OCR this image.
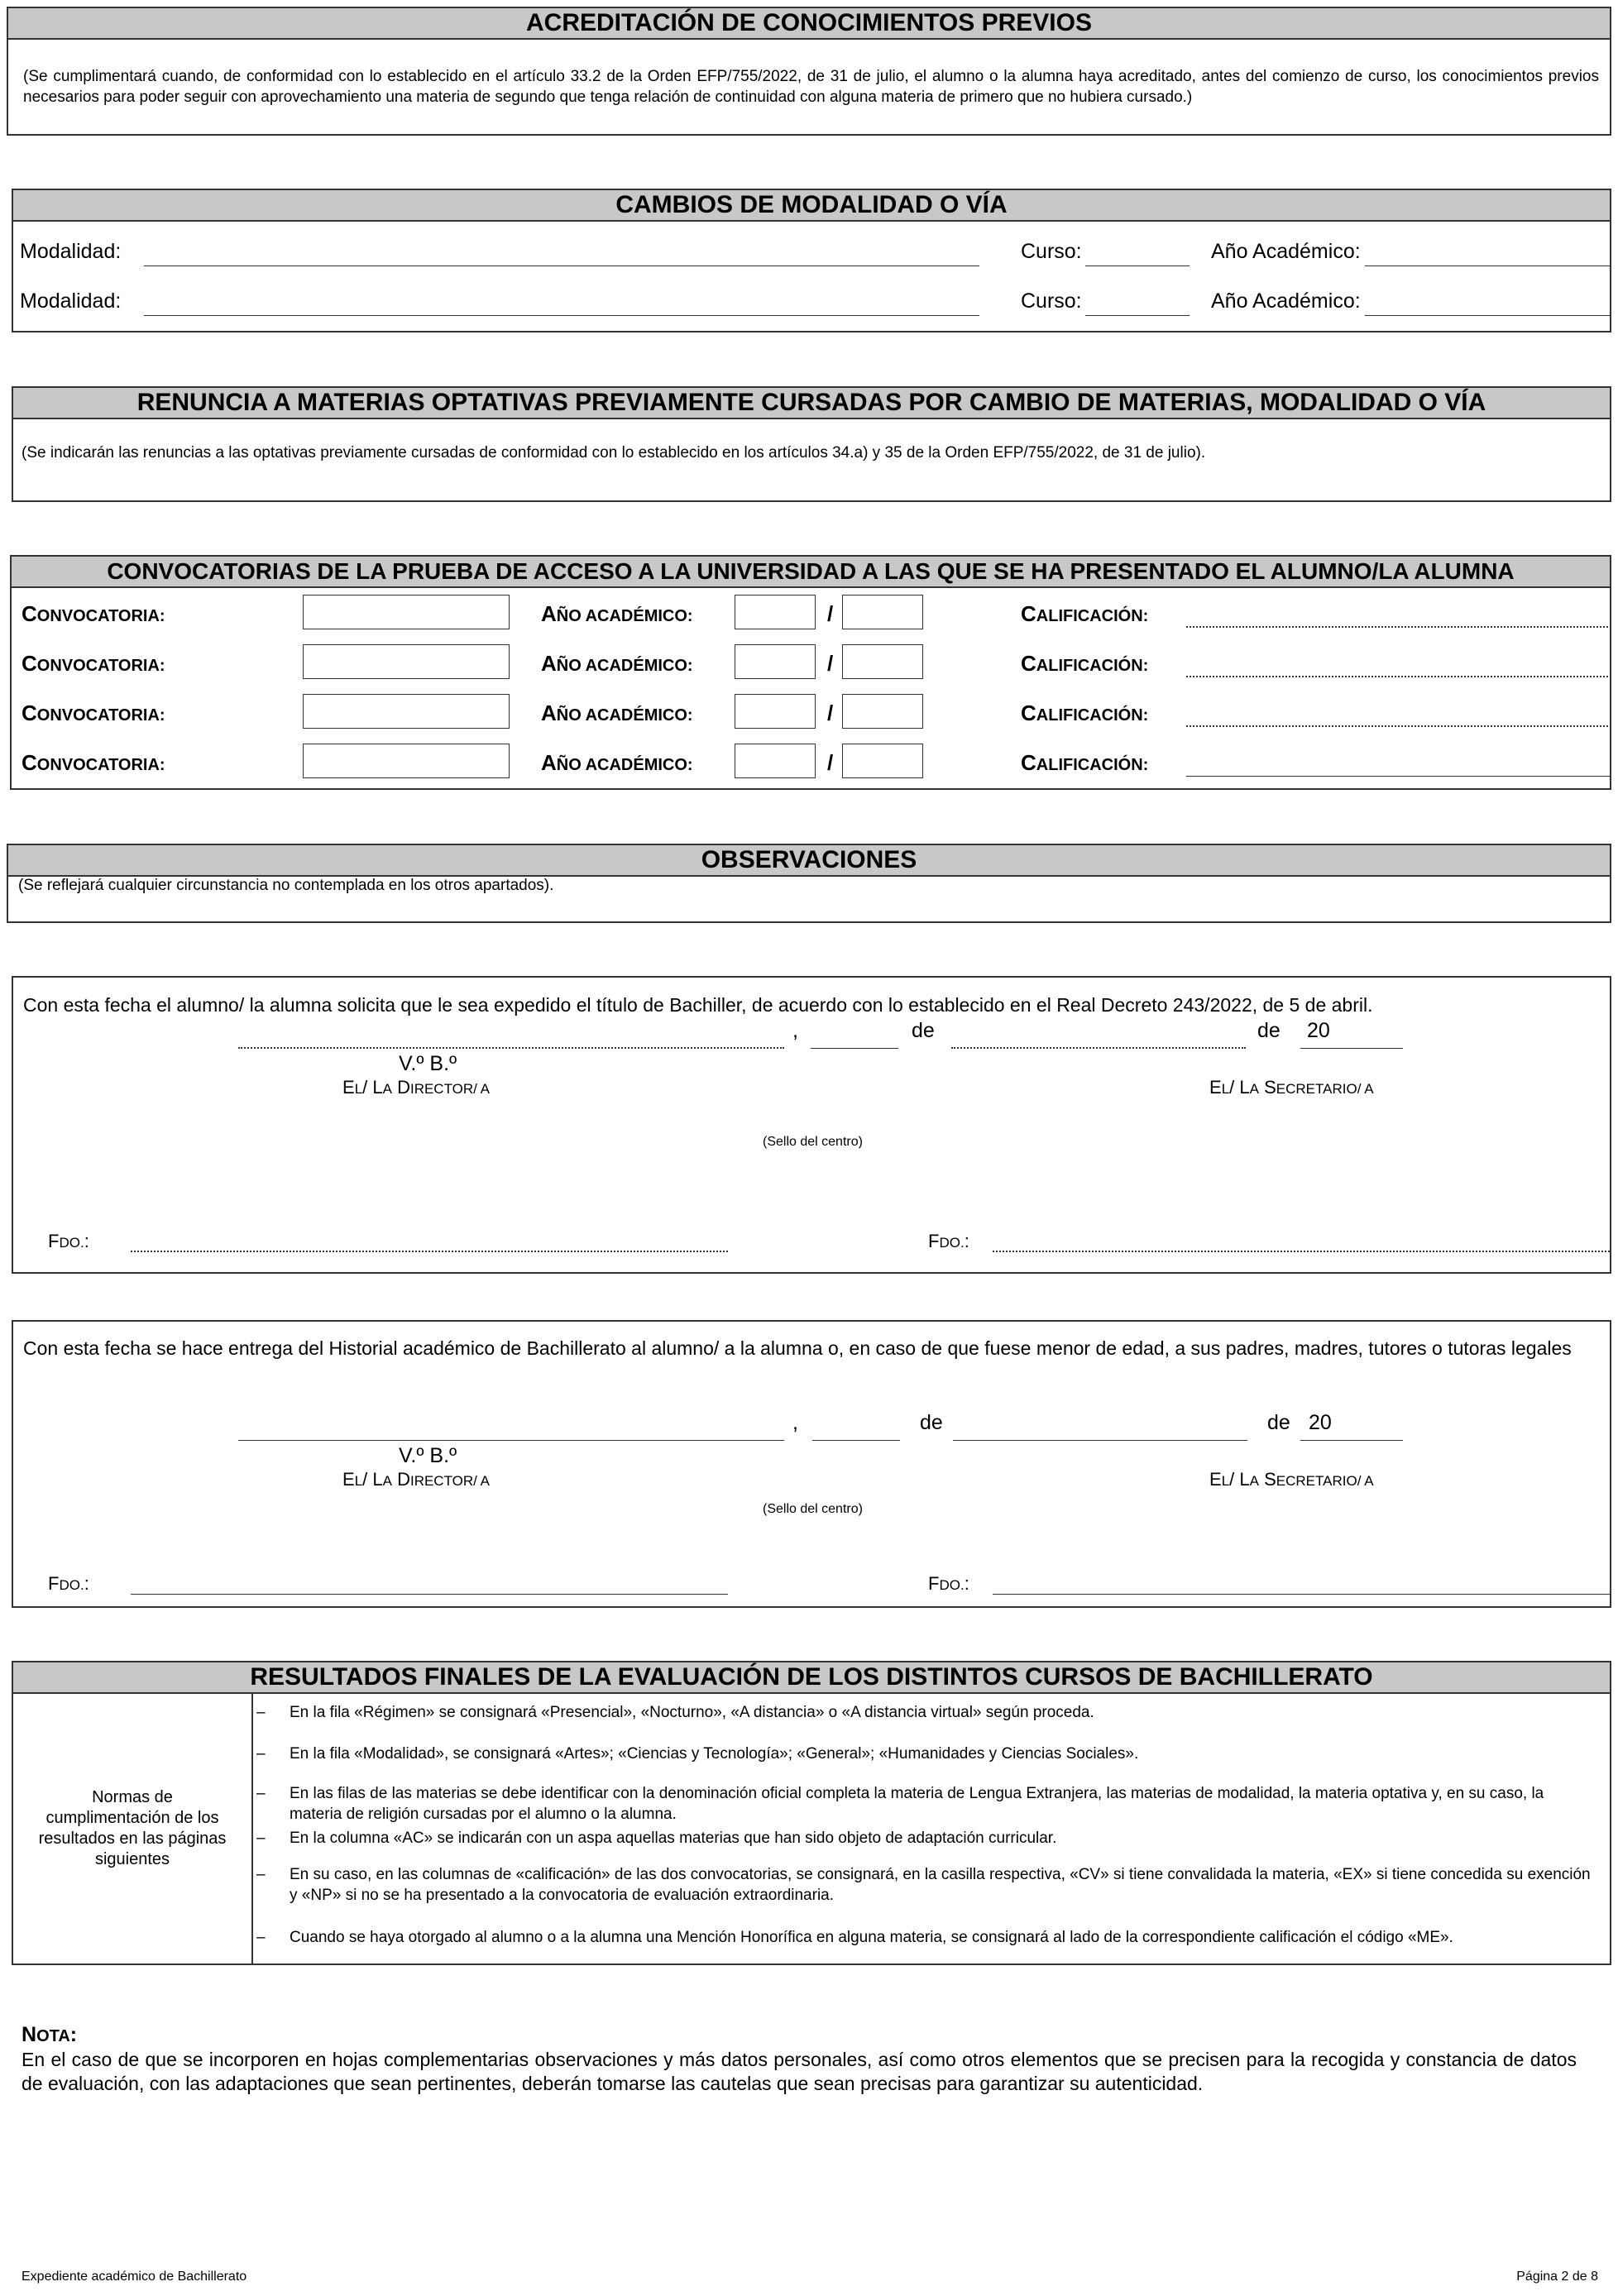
ACREDITACIÓN DE CONOCIMIENTOS PREVIOS
(Se cumplimentará cuando, de conformidad con lo establecido en el artículo 33.2 de la Orden EFP/755/2022, de 31 de julio, el alumno o la alumna haya acreditado, antes del comienzo de curso, los conocimientos previos necesarios para poder seguir con aprovechamiento una materia de segundo que tenga relación de continuidad con alguna materia de primero que no hubiera cursado.)
CAMBIOS DE MODALIDAD O VÍA
Modalidad:	Curso:	Año Académico:
Modalidad:	Curso:	Año Académico:
RENUNCIA A MATERIAS OPTATIVAS PREVIAMENTE CURSADAS POR CAMBIO DE MATERIAS, MODALIDAD O VÍA
(Se indicarán las renuncias a las optativas previamente cursadas de conformidad con lo establecido en los artículos 34.a) y 35 de la Orden EFP/755/2022, de 31 de julio).
CONVOCATORIAS DE LA PRUEBA DE ACCESO A LA UNIVERSIDAD A LAS QUE SE HA PRESENTADO EL ALUMNO/LA ALUMNA
CONVOCATORIA:	AÑO ACADÉMICO:	/	CALIFICACIÓN:
CONVOCATORIA:	AÑO ACADÉMICO:	/	CALIFICACIÓN:
CONVOCATORIA:	AÑO ACADÉMICO:	/	CALIFICACIÓN:
CONVOCATORIA:	AÑO ACADÉMICO:	/	CALIFICACIÓN:
OBSERVACIONES
(Se reflejará cualquier circunstancia no contemplada en los otros apartados).
Con esta fecha el alumno/ la alumna solicita que le sea expedido el título de Bachiller, de acuerdo con lo establecido en el Real Decreto 243/2022, de 5 de abril.
,	de	de 20
V.º B.º
EL/ LA DIRECTOR/ A
(Sello del centro)
EL/ LA SECRETARIO/ A
FDO.:	FDO.:
Con esta fecha se hace entrega del Historial académico de Bachillerato al alumno/ a la alumna o, en caso de que fuese menor de edad, a sus padres, madres, tutores o tutoras legales
,	de	de 20
V.º B.º
EL/ LA DIRECTOR/ A
(Sello del centro)
EL/ LA SECRETARIO/ A
FDO.:	FDO.:
RESULTADOS FINALES DE LA EVALUACIÓN DE LOS DISTINTOS CURSOS DE BACHILLERATO
Normas de cumplimentación de los resultados en las páginas siguientes
– En la fila «Régimen» se consignará «Presencial», «Nocturno», «A distancia» o «A distancia virtual» según proceda.
– En la fila «Modalidad», se consignará «Artes»; «Ciencias y Tecnología»; «General»; «Humanidades y Ciencias Sociales».
– En las filas de las materias se debe identificar con la denominación oficial completa la materia de Lengua Extranjera, las materias de modalidad, la materia optativa y, en su caso, la materia de religión cursadas por el alumno o la alumna.
– En la columna «AC» se indicarán con un aspa aquellas materias que han sido objeto de adaptación curricular.
– En su caso, en las columnas de «calificación» de las dos convocatorias, se consignará, en la casilla respectiva, «CV» si tiene convalidada la materia, «EX» si tiene concedida su exención y «NP» si no se ha presentado a la convocatoria de evaluación extraordinaria.
– Cuando se haya otorgado al alumno o a la alumna una Mención Honorífica en alguna materia, se consignará al lado de la correspondiente calificación el código «ME».
NOTA:
En el caso de que se incorporen en hojas complementarias observaciones y más datos personales, así como otros elementos que se precisen para la recogida y constancia de datos de evaluación, con las adaptaciones que sean pertinentes, deberán tomarse las cautelas que sean precisas para garantizar su autenticidad.
Expediente académico de Bachillerato	Página 2 de 8
